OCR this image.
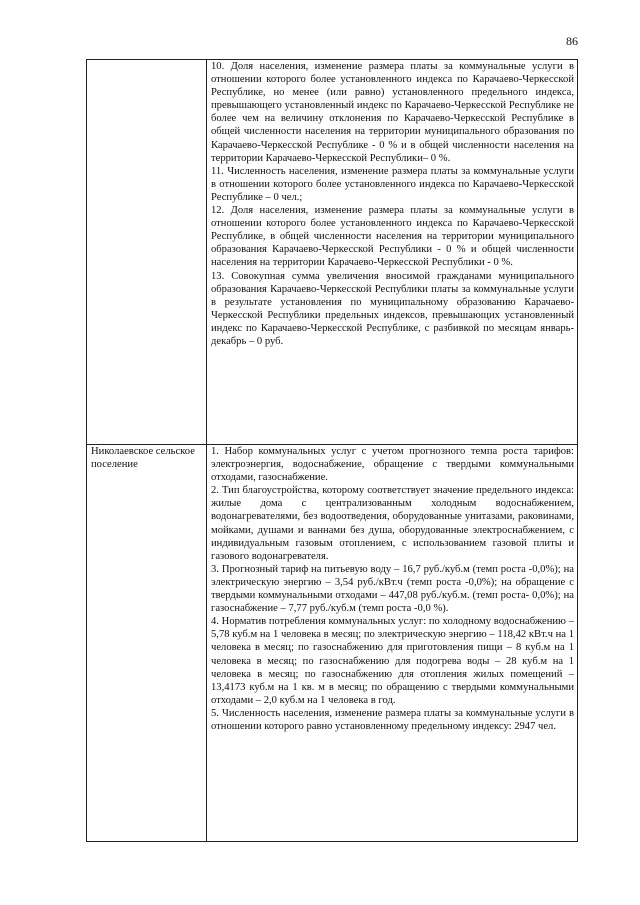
86

	10. Доля населения, изменение размера платы за коммунальные услуги в отношении которого более установленного индекса по Карачаево-Черкесской Республике, но менее (или равно) установленного предельного индекса, превышающего установленный индекс по Карачаево-Черкесской Республике не более чем на величину отклонения по Карачаево-Черкесской Республике в общей численности населения на территории муниципального образования по Карачаево-Черкесской Республике - 0 % и в общей численности населения на территории Карачаево-Черкесской Республики– 0 %.

11. Численность населения, изменение размера платы за коммунальные услуги в отношении которого более установленного индекса по Карачаево-Черкесской Республике – 0 чел.;

12. Доля населения, изменение размера платы за коммунальные услуги в отношении которого более установленного индекса по Карачаево-Черкесской Республике, в общей численности населения на территории муниципального образования Карачаево-Черкесской Республики - 0 % и общей численности населения на территории Карачаево-Черкесской Республики - 0 %.

13. Совокупная сумма увеличения вносимой гражданами муниципального образования Карачаево-Черкесской Республики платы за коммунальные услуги в результате установления по муниципальному образованию Карачаево-Черкесской Республики предельных индексов, превышающих установленный индекс по Карачаево-Черкесской Республике, с разбивкой по месяцам январь-декабрь – 0 руб.

Николаевское сельское поселение	1. Набор коммунальных услуг с учетом прогнозного темпа роста тарифов: электроэнергия, водоснабжение, обращение с твердыми коммунальными отходами, газоснабжение.

2. Тип благоустройства, которому соответствует значение предельного индекса: жилые дома с централизованным холодным водоснабжением, водонагревателями, без водоотведения, оборудованные унитазами, раковинами, мойками, душами и ваннами без душа, оборудованные электроснабжением, с индивидуальным газовым отоплением, с использованием газовой плиты и газового водонагревателя.

3. Прогнозный тариф на питьевую воду – 16,7 руб./куб.м (темп роста -0,0%); на электрическую энергию – 3,54 руб./кВт.ч (темп роста -0,0%); на обращение с твердыми коммунальными отходами – 447,08 руб./куб.м. (темп роста- 0,0%); на газоснабжение – 7,77 руб./куб.м (темп роста -0,0 %).

4. Норматив потребления коммунальных услуг: по холодному водоснабжению – 5,78 куб.м на 1 человека в месяц; по электрическую энергию – 118,42 кВт.ч на 1 человека в месяц; по газоснабжению для приготовления пищи – 8 куб.м на 1 человека в месяц; по газоснабжению для подогрева воды – 28 куб.м на 1 человека в месяц; по газоснабжению для отопления жилых помещений – 13,4173 куб.м на 1 кв. м в месяц; по обращению с твердыми коммунальными отходами – 2,0 куб.м на 1 человека в год.

5. Численность населения, изменение размера платы за коммунальные услуги в отношении которого равно установленному предельному индексу: 2947 чел.
